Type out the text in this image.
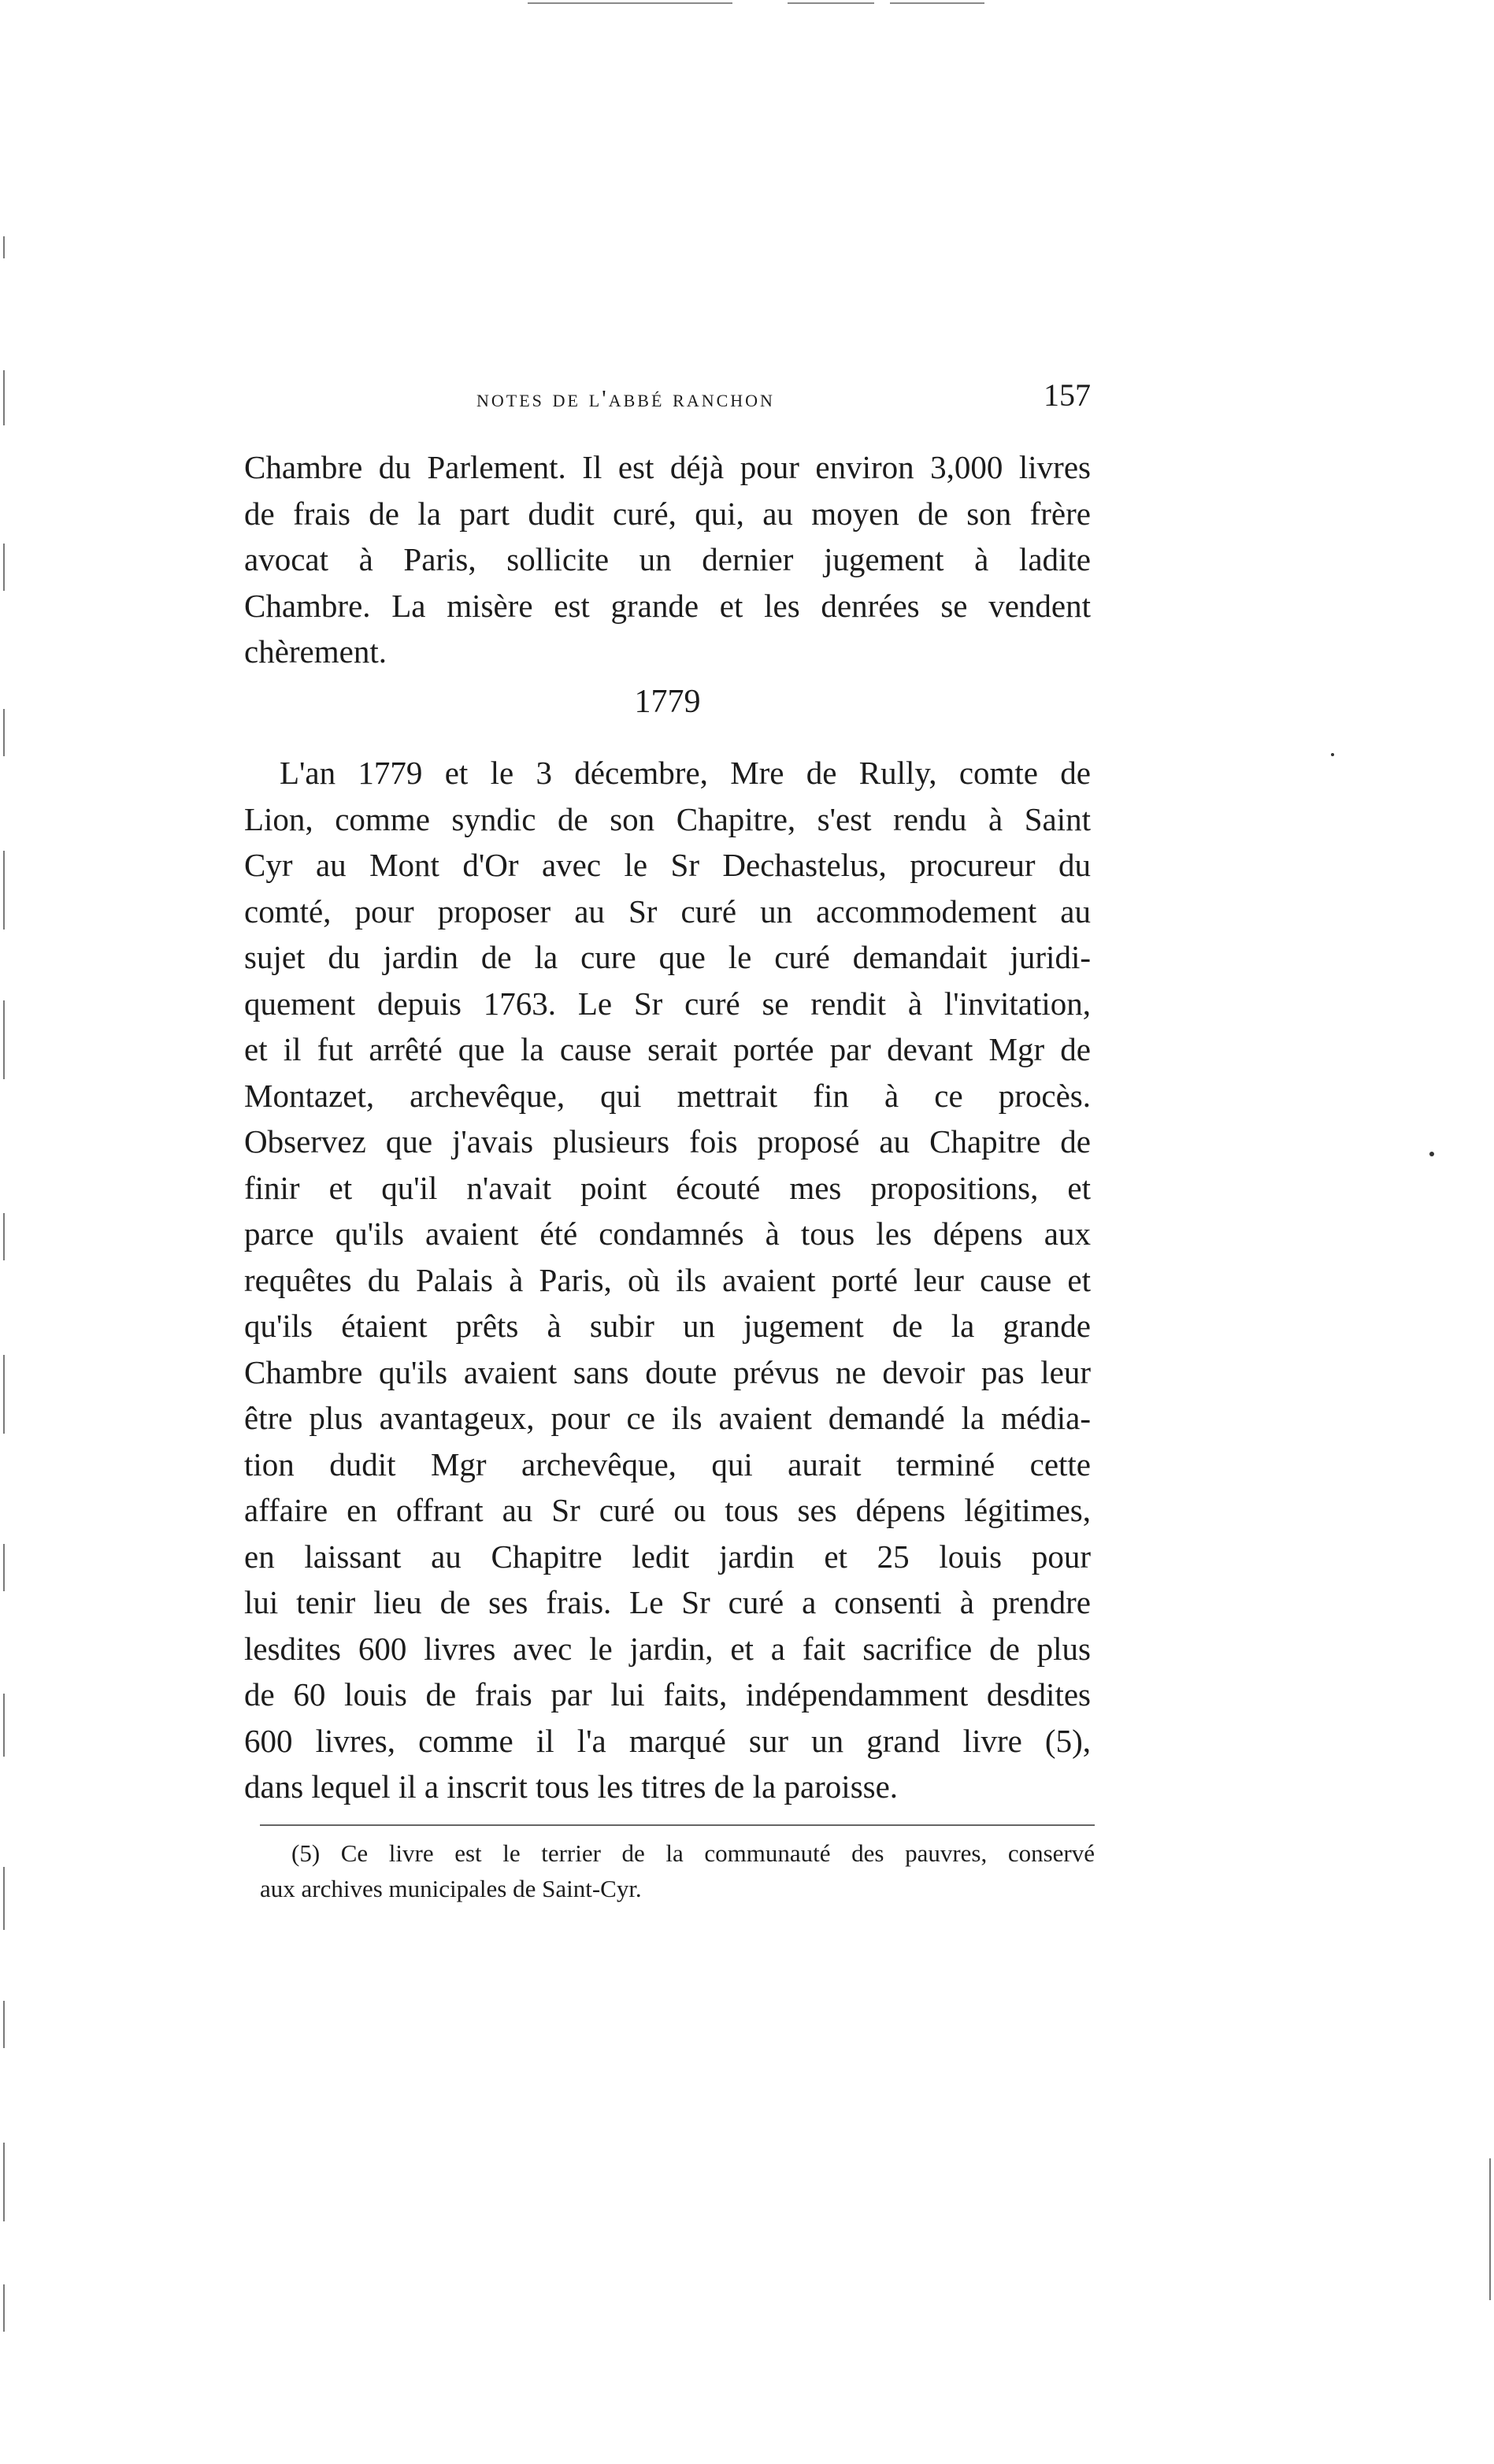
notes de l'abbé ranchon	157
Chambre du Parlement. Il est déjà pour environ 3,000 livres
de frais de la part dudit curé, qui, au moyen de son frère
avocat à Paris, sollicite un dernier jugement à ladite
Chambre. La misère est grande et les denrées se vendent
chèrement.
1779
L'an 1779 et le 3 décembre, Mre de Rully, comte de
Lion, comme syndic de son Chapitre, s'est rendu à Saint
Cyr au Mont d'Or avec le Sr Dechastelus, procureur du
comté, pour proposer au Sr curé un accommodement au
sujet du jardin de la cure que le curé demandait juridi-
quement depuis 1763. Le Sr curé se rendit à l'invitation,
et il fut arrêté que la cause serait portée par devant Mgr de
Montazet, archevêque, qui mettrait fin à ce procès.
Observez que j'avais plusieurs fois proposé au Chapitre de
finir et qu'il n'avait point écouté mes propositions, et
parce qu'ils avaient été condamnés à tous les dépens aux
requêtes du Palais à Paris, où ils avaient porté leur cause et
qu'ils étaient prêts à subir un jugement de la grande
Chambre qu'ils avaient sans doute prévus ne devoir pas leur
être plus avantageux, pour ce ils avaient demandé la média-
tion dudit Mgr archevêque, qui aurait terminé cette
affaire en offrant au Sr curé ou tous ses dépens légitimes,
en laissant au Chapitre ledit jardin et 25 louis pour
lui tenir lieu de ses frais. Le Sr curé a consenti à prendre
lesdites 600 livres avec le jardin, et a fait sacrifice de plus
de 60 louis de frais par lui faits, indépendamment desdites
600 livres, comme il l'a marqué sur un grand livre (5),
dans lequel il a inscrit tous les titres de la paroisse.
(5) Ce livre est le terrier de la communauté des pauvres, conservé
aux archives municipales de Saint-Cyr.
